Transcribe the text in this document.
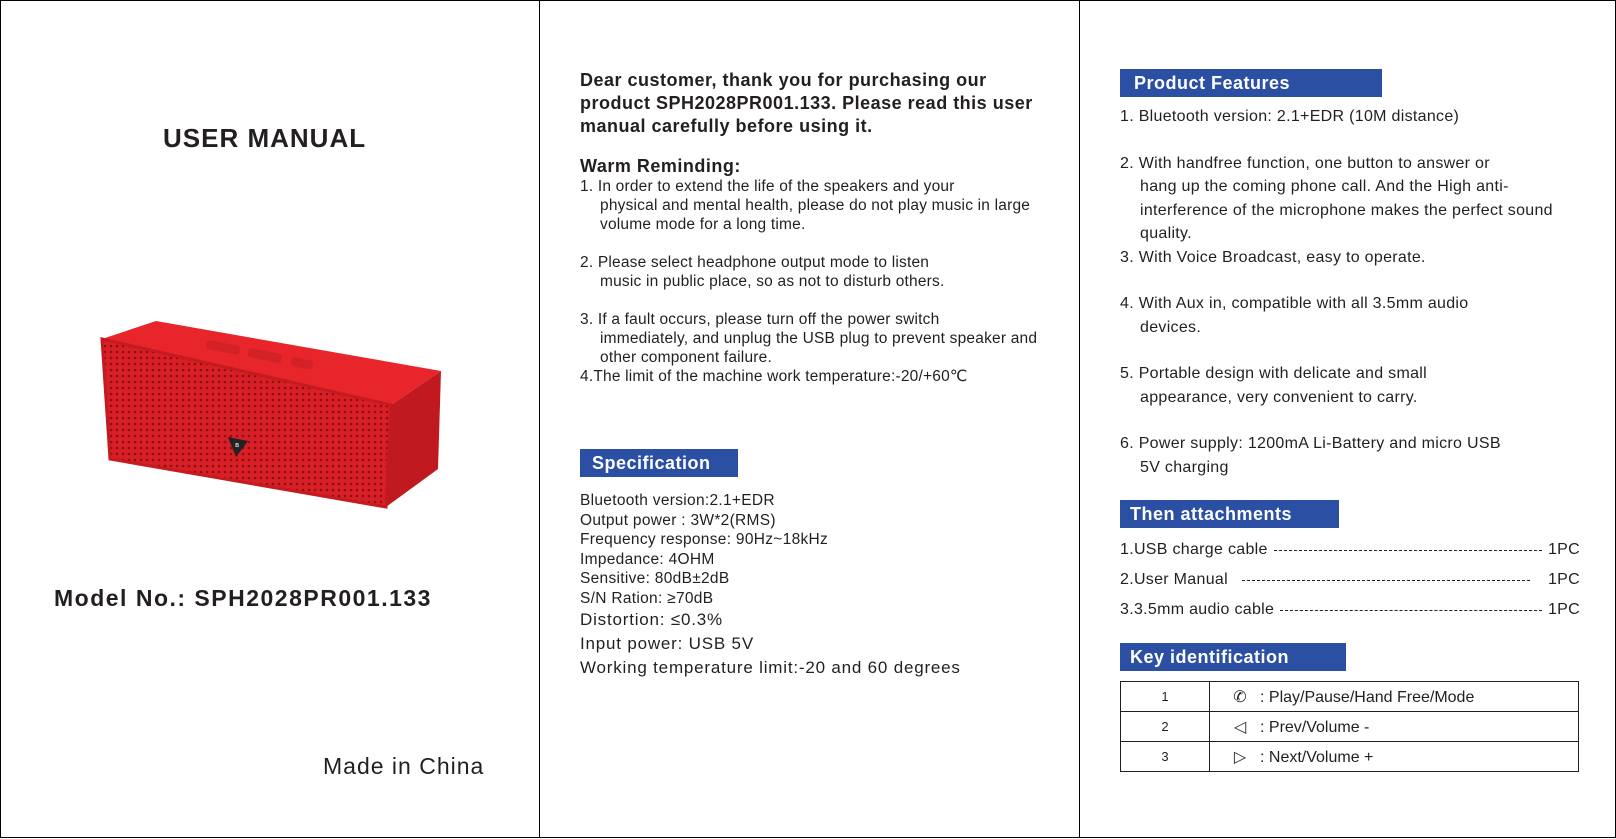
USER MANUAL
ʙ
Model No.: SPH2028PR001.133
Made in China
Dear customer, thank you for purchasing our product SPH2028PR001.133. Please read this user manual carefully before using it.
Warm Reminding:
1. In order to extend the life of the speakers and your
physical and mental health, please do not play music in large volume mode for a long time.
2. Please select headphone output mode to listen
music in public place, so as not to disturb others.
3. If a fault occurs, please turn off the power switch
immediately, and unplug the USB plug to prevent speaker and other component failure.
4.The limit of the machine work temperature:-20/+60℃
Specification
Bluetooth version:2.1+EDR
Output power : 3W*2(RMS)
Frequency response: 90Hz~18kHz
Impedance: 4OHM
Sensitive: 80dB±2dB
S/N Ration: ≥70dB
Distortion: ≤0.3%
Input power: USB 5V
Working temperature limit:-20 and 60 degrees
Product Features
1. Bluetooth version: 2.1+EDR (10M distance)
2. With handfree function, one button to answer or
hang up the coming phone call. And the High anti-interference of the microphone makes the perfect sound quality.
3. With Voice Broadcast, easy to operate.
4. With Aux in, compatible with all 3.5mm audio
devices.
5. Portable design with delicate and small
appearance, very convenient to carry.
6. Power supply: 1200mA Li-Battery and micro USB
5V charging
Then attachments
1.USB charge cable	1PC
2.User Manual	1PC
3.3.5mm audio cable	1PC
Key identification
1	✆ : Play/Pause/Hand Free/Mode
2	◁ : Prev/Volume -
3	▷ : Next/Volume +
